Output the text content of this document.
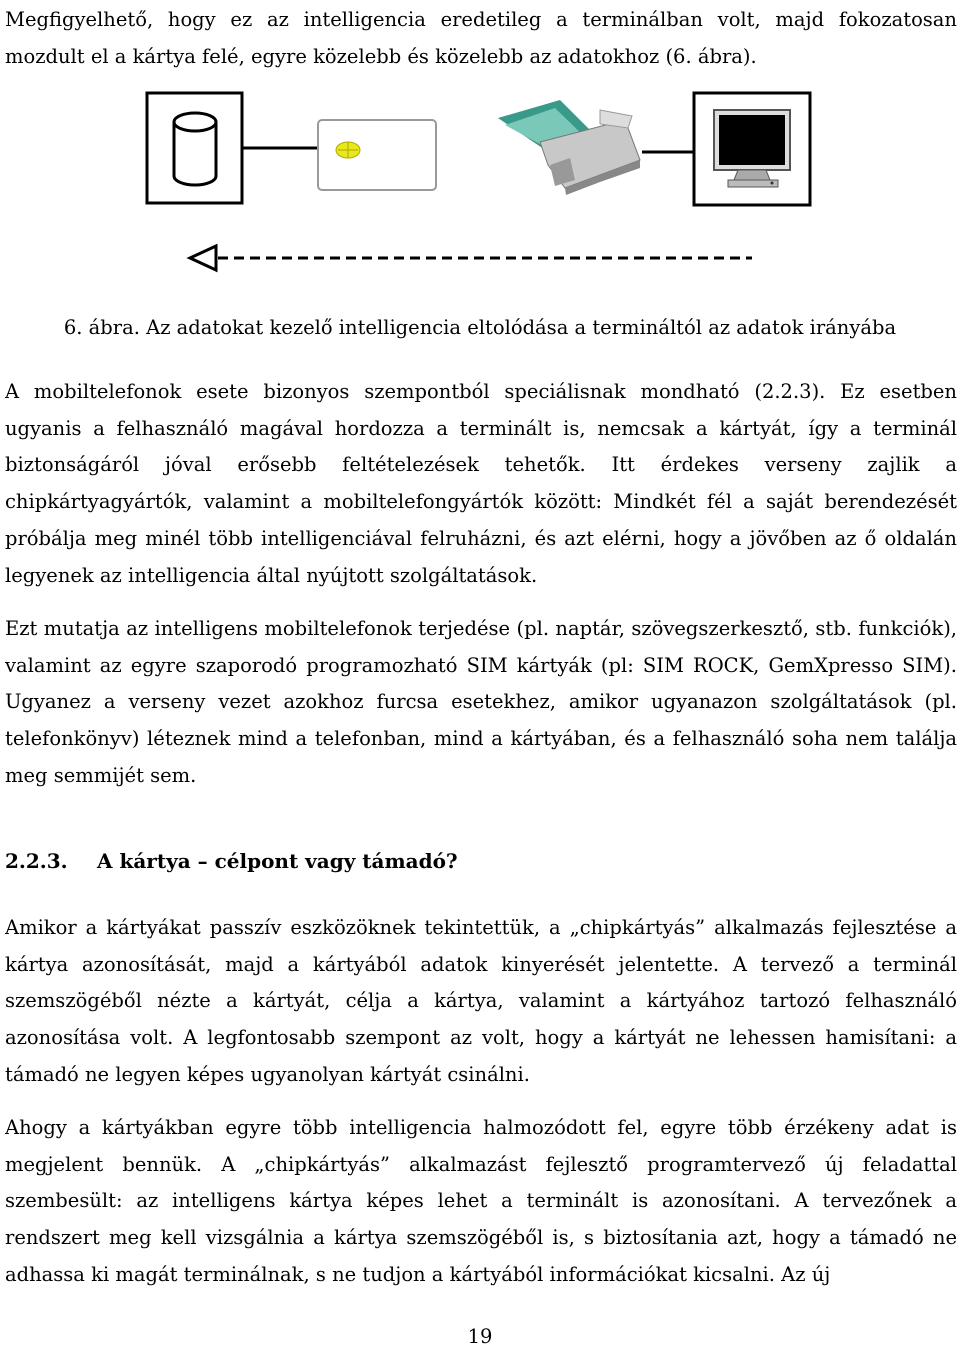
Megfigyelhető, hogy ez az intelligencia eredetileg a terminálban volt, majd fokozatosan mozdult el a kártya felé, egyre közelebb és közelebb az adatokhoz (6. ábra).

6. ábra. Az adatokat kezelő intelligencia eltolódása a termináltól az adatok irányába

A mobiltelefonok esete bizonyos szempontból speciálisnak mondható (2.2.3). Ez esetben ugyanis a felhasználó magával hordozza a terminált is, nemcsak a kártyát, így a terminál biztonságáról jóval erősebb feltételezések tehetők. Itt érdekes verseny zajlik a chipkártyagyártók, valamint a mobiltelefongyártók között: Mindkét fél a saját berendezését próbálja meg minél több intelligenciával felruházni, és azt elérni, hogy a jövőben az ő oldalán legyenek az intelligencia által nyújtott szolgáltatások.

Ezt mutatja az intelligens mobiltelefonok terjedése (pl. naptár, szövegszerkesztő, stb. funkciók), valamint az egyre szaporodó programozható SIM kártyák (pl: SIM ROCK, GemXpresso SIM). Ugyanez a verseny vezet azokhoz furcsa esetekhez, amikor ugyanazon szolgáltatások (pl. telefonkönyv) léteznek mind a telefonban, mind a kártyában, és a felhasználó soha nem találja meg semmijét sem.

2.2.3. A kártya – célpont vagy támadó?

Amikor a kártyákat passzív eszközöknek tekintettük, a „chipkártyás” alkalmazás fejlesztése a kártya azonosítását, majd a kártyából adatok kinyerését jelentette. A tervező a terminál szemszögéből nézte a kártyát, célja a kártya, valamint a kártyához tartozó felhasználó azonosítása volt. A legfontosabb szempont az volt, hogy a kártyát ne lehessen hamisítani: a támadó ne legyen képes ugyanolyan kártyát csinálni.

Ahogy a kártyákban egyre több intelligencia halmozódott fel, egyre több érzékeny adat is megjelent bennük. A „chipkártyás” alkalmazást fejlesztő programtervező új feladattal szembesült: az intelligens kártya képes lehet a terminált is azonosítani. A tervezőnek a rendszert meg kell vizsgálnia a kártya szemszögéből is, s biztosítania azt, hogy a támadó ne adhassa ki magát terminálnak, s ne tudjon a kártyából információkat kicsalni. Az új

19
